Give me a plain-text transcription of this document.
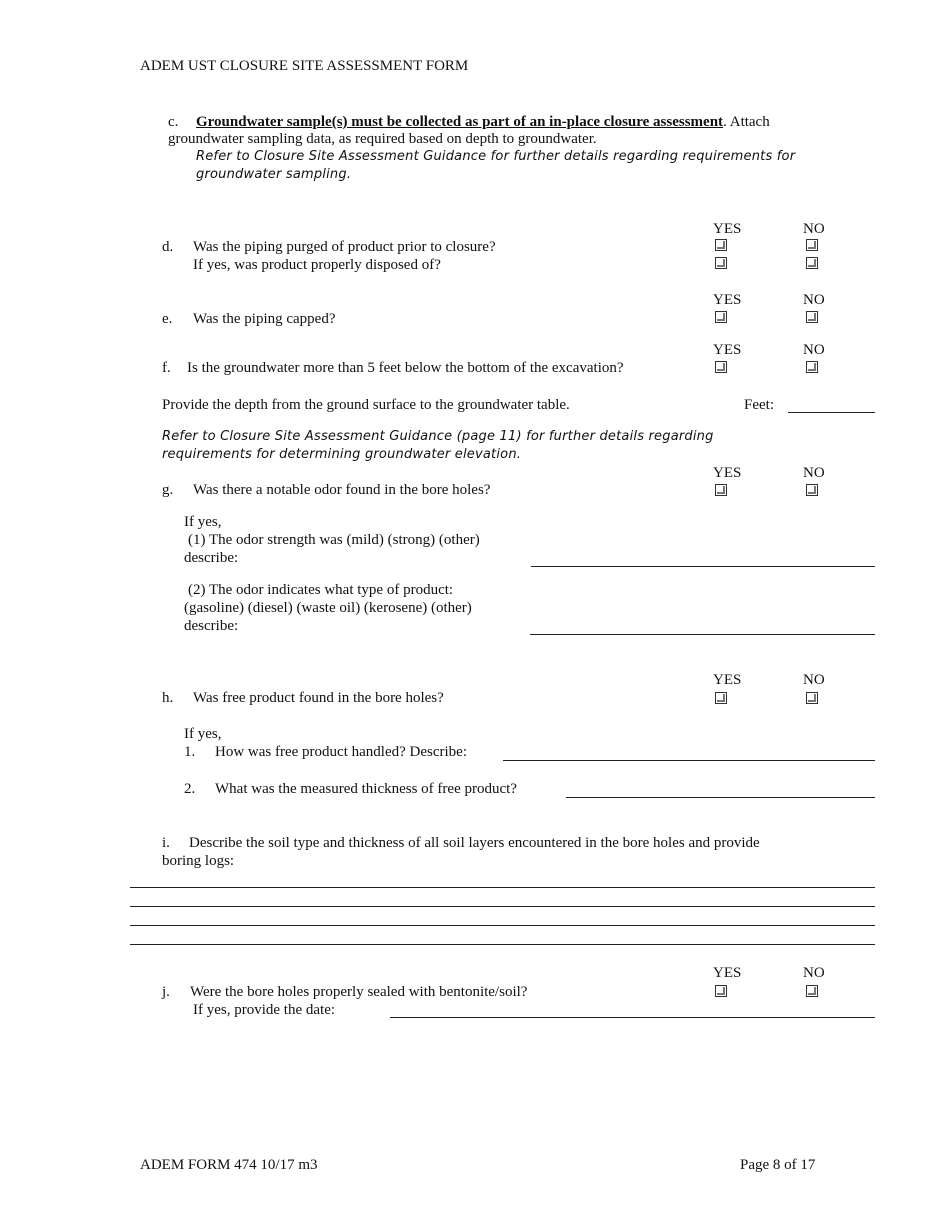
ADEM UST CLOSURE SITE ASSESSMENT FORM
c. Groundwater sample(s) must be collected as part of an in-place closure assessment. Attach
groundwater sampling data, as required based on depth to groundwater.
Refer to Closure Site Assessment Guidance for further details regarding requirements for
groundwater sampling.
YES	NO
d. Was the piping purged of product prior to closure?
If yes, was product properly disposed of?
YES	NO
e. Was the piping capped?
YES	NO
f. Is the groundwater more than 5 feet below the bottom of the excavation?
Provide the depth from the ground surface to the groundwater table.	Feet:
Refer to Closure Site Assessment Guidance (page 11) for further details regarding
requirements for determining groundwater elevation.
YES	NO
g. Was there a notable odor found in the bore holes?
If yes,
(1) The odor strength was (mild) (strong) (other)
describe:
(2) The odor indicates what type of product:
(gasoline) (diesel) (waste oil) (kerosene) (other)
describe:
YES	NO
h. Was free product found in the bore holes?
If yes,
1. How was free product handled? Describe:
2. What was the measured thickness of free product?
i. Describe the soil type and thickness of all soil layers encountered in the bore holes and provide
boring logs:
YES	NO
j. Were the bore holes properly sealed with bentonite/soil?
If yes, provide the date:
ADEM FORM 474 10/17 m3	Page 8 of 17
